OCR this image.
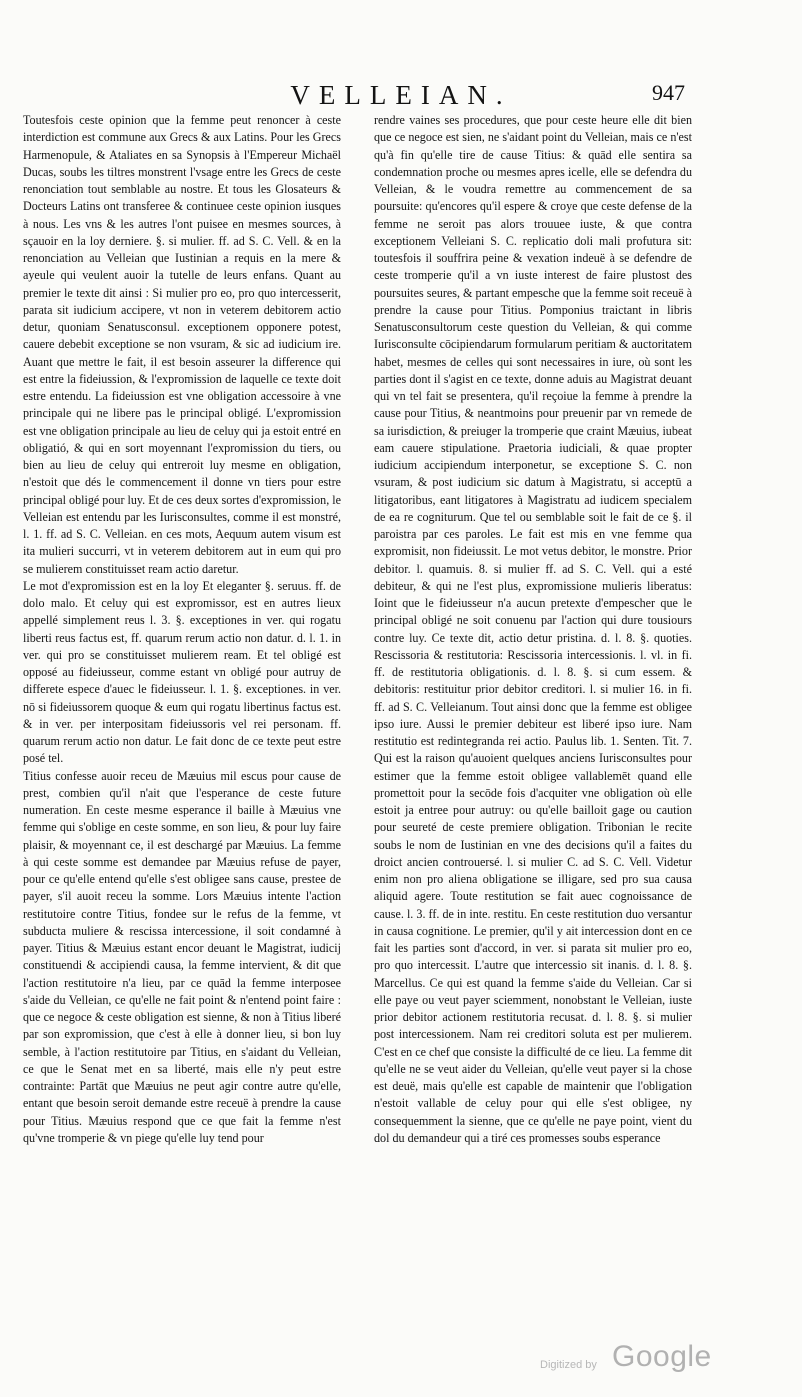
VELLEIAN.	947

Toutesfois ceste opinion que la femme peut renoncer à ceste interdiction est commune aux Grecs & aux Latins. Pour les Grecs Harmenopule, & Ataliates en sa Synopsis à l'Empereur Michaël Ducas, soubs les tiltres monstrent l'vsage entre les Grecs de ceste renonciation tout semblable au nostre. Et tous les Glosateurs & Docteurs Latins ont transferee & continuee ceste opinion iusques à nous. Les vns & les autres l'ont puisee en mesmes sources, à sçauoir en la loy derniere. §. si mulier. ff. ad S. C. Vell. & en la renonciation au Velleian que Iustinian a requis en la mere & ayeule qui veulent auoir la tutelle de leurs enfans. Quant au premier le texte dit ainsi : Si mulier pro eo, pro quo intercesserit, parata sit iudicium accipere, vt non in veterem debitorem actio detur, quoniam Senatusconsul. exceptionem opponere potest, cauere debebit exceptione se non vsuram, & sic ad iudicium ire. Auant que mettre le fait, il est besoin asseurer la difference qui est entre la fideiussion, & l'expromission de laquelle ce texte doit estre entendu. La fideiussion est vne obligation accessoire à vne principale qui ne libere pas le principal obligé. L'expromission est vne obligation principale au lieu de celuy qui ja estoit entré en obligatió, & qui en sort moyennant l'expromission du tiers, ou bien au lieu de celuy qui entreroit luy mesme en obligation, n'estoit que dés le commencement il donne vn tiers pour estre principal obligé pour luy. Et de ces deux sortes d'expromission, le Velleian est entendu par les Iurisconsultes, comme il est monstré, l. 1. ff. ad S. C. Velleian. en ces mots, Aequum autem visum est ita mulieri succurri, vt in veterem debitorem aut in eum qui pro se mulierem constituisset ream actio daretur.

Le mot d'expromission est en la loy Et eleganter §. seruus. ff. de dolo malo. Et celuy qui est expromissor, est en autres lieux appellé simplement reus l. 3. §. exceptiones in ver. qui rogatu liberti reus factus est, ff. quarum rerum actio non datur. d. l. 1. in ver. qui pro se constituisset mulierem ream. Et tel obligé est opposé au fideiusseur, comme estant vn obligé pour autruy de differete espece d'auec le fideiusseur. l. 1. §. exceptiones. in ver. nō si fideiussorem quoque & eum qui rogatu libertinus factus est. & in ver. per interpositam fideiussoris vel rei personam. ff. quarum rerum actio non datur. Le fait donc de ce texte peut estre posé tel.

Titius confesse auoir receu de Mæuius mil escus pour cause de prest, combien qu'il n'ait que l'esperance de ceste future numeration. En ceste mesme esperance il baille à Mæuius vne femme qui s'oblige en ceste somme, en son lieu, & pour luy faire plaisir, & moyennant ce, il est deschargé par Mæuius. La femme à qui ceste somme est demandee par Mæuius refuse de payer, pour ce qu'elle entend qu'elle s'est obligee sans cause, prestee de payer, s'il auoit receu la somme. Lors Mæuius intente l'action restitutoire contre Titius, fondee sur le refus de la femme, vt subducta muliere & rescissa intercessione, il soit condamné à payer. Titius & Mæuius estant encor deuant le Magistrat, iudicij constituendi & accipiendi causa, la femme intervient, & dit que l'action restitutoire n'a lieu, par ce quād la femme interposee s'aide du Velleian, ce qu'elle ne fait point & n'entend point faire : que ce negoce & ceste obligation est sienne, & non à Titius liberé par son expromission, que c'est à elle à donner lieu, si bon luy semble, à l'action restitutoire par Titius, en s'aidant du Velleian, ce que le Senat met en sa liberté, mais elle n'y peut estre contrainte: Partāt que Mæuius ne peut agir contre autre qu'elle, entant que besoin seroit demande estre receuë à prendre la cause pour Titius. Mæuius respond que ce que fait la femme n'est qu'vne tromperie & vn piege qu'elle luy tend pour

rendre vaines ses procedures, que pour ceste heure elle dit bien que ce negoce est sien, ne s'aidant point du Velleian, mais ce n'est qu'à fin qu'elle tire de cause Titius: & quād elle sentira sa condemnation proche ou mesmes apres icelle, elle se defendra du Velleian, & le voudra remettre au commencement de sa poursuite: qu'encores qu'il espere & croye que ceste defense de la femme ne seroit pas alors trouuee iuste, & que contra exceptionem Velleiani S. C. replicatio doli mali profutura sit: toutesfois il souffrira peine & vexation indeuë à se defendre de ceste tromperie qu'il a vn iuste interest de faire plustost des poursuites seures, & partant empesche que la femme soit receuë à prendre la cause pour Titius. Pomponius traictant in libris Senatusconsultorum ceste question du Velleian, & qui comme Iurisconsulte cōcipiendarum formularum peritiam & auctoritatem habet, mesmes de celles qui sont necessaires in iure, où sont les parties dont il s'agist en ce texte, donne aduis au Magistrat deuant qui vn tel fait se presentera, qu'il reçoiue la femme à prendre la cause pour Titius, & neantmoins pour preuenir par vn remede de sa iurisdiction, & preiuger la tromperie que craint Mæuius, iubeat eam cauere stipulatione. Praetoria iudiciali, & quae propter iudicium accipiendum interponetur, se exceptione S. C. non vsuram, & post iudicium sic datum à Magistratu, si acceptū a litigatoribus, eant litigatores à Magistratu ad iudicem specialem de ea re cogniturum. Que tel ou semblable soit le fait de ce §. il paroistra par ces paroles. Le fait est mis en vne femme qua expromisit, non fideiussit. Le mot vetus debitor, le monstre. Prior debitor. l. quamuis. 8. si mulier ff. ad S. C. Vell. qui a esté debiteur, & qui ne l'est plus, expromissione mulieris liberatus: Ioint que le fideiusseur n'a aucun pretexte d'empescher que le principal obligé ne soit conuenu par l'action qui dure tousiours contre luy. Ce texte dit, actio detur pristina. d. l. 8. §. quoties. Rescissoria & restitutoria: Rescissoria intercessionis. l. vl. in fi. ff. de restitutoria obligationis. d. l. 8. §. si cum essem. & debitoris: restituitur prior debitor creditori. l. si mulier 16. in fi. ff. ad S. C. Velleianum. Tout ainsi donc que la femme est obligee ipso iure. Aussi le premier debiteur est liberé ipso iure. Nam restitutio est redintegranda rei actio. Paulus lib. 1. Senten. Tit. 7. Qui est la raison qu'auoient quelques anciens Iurisconsultes pour estimer que la femme estoit obligee vallablemēt quand elle promettoit pour la secōde fois d'acquiter vne obligation où elle estoit ja entree pour autruy: ou qu'elle bailloit gage ou caution pour seureté de ceste premiere obligation. Tribonian le recite soubs le nom de Iustinian en vne des decisions qu'il a faites du droict ancien controuersé. l. si mulier C. ad S. C. Vell. Videtur enim non pro aliena obligatione se illigare, sed pro sua causa aliquid agere. Toute restitution se fait auec cognoissance de cause. l. 3. ff. de in inte. restitu. En ceste restitution duo versantur in causa cognitione. Le premier, qu'il y ait intercession dont en ce fait les parties sont d'accord, in ver. si parata sit mulier pro eo, pro quo intercessit. L'autre que intercessio sit inanis. d. l. 8. §. Marcellus. Ce qui est quand la femme s'aide du Velleian. Car si elle paye ou veut payer sciemment, nonobstant le Velleian, iuste prior debitor actionem restitutoria recusat. d. l. 8. §. si mulier post intercessionem. Nam rei creditori soluta est per mulierem. C'est en ce chef que consiste la difficulté de ce lieu. La femme dit qu'elle ne se veut aider du Velleian, qu'elle veut payer si la chose est deuë, mais qu'elle est capable de maintenir que l'obligation n'estoit vallable de celuy pour qui elle s'est obligee, ny consequemment la sienne, que ce qu'elle ne paye point, vient du dol du demandeur qui a tiré ces promesses soubs esperance

Digitized by Google
